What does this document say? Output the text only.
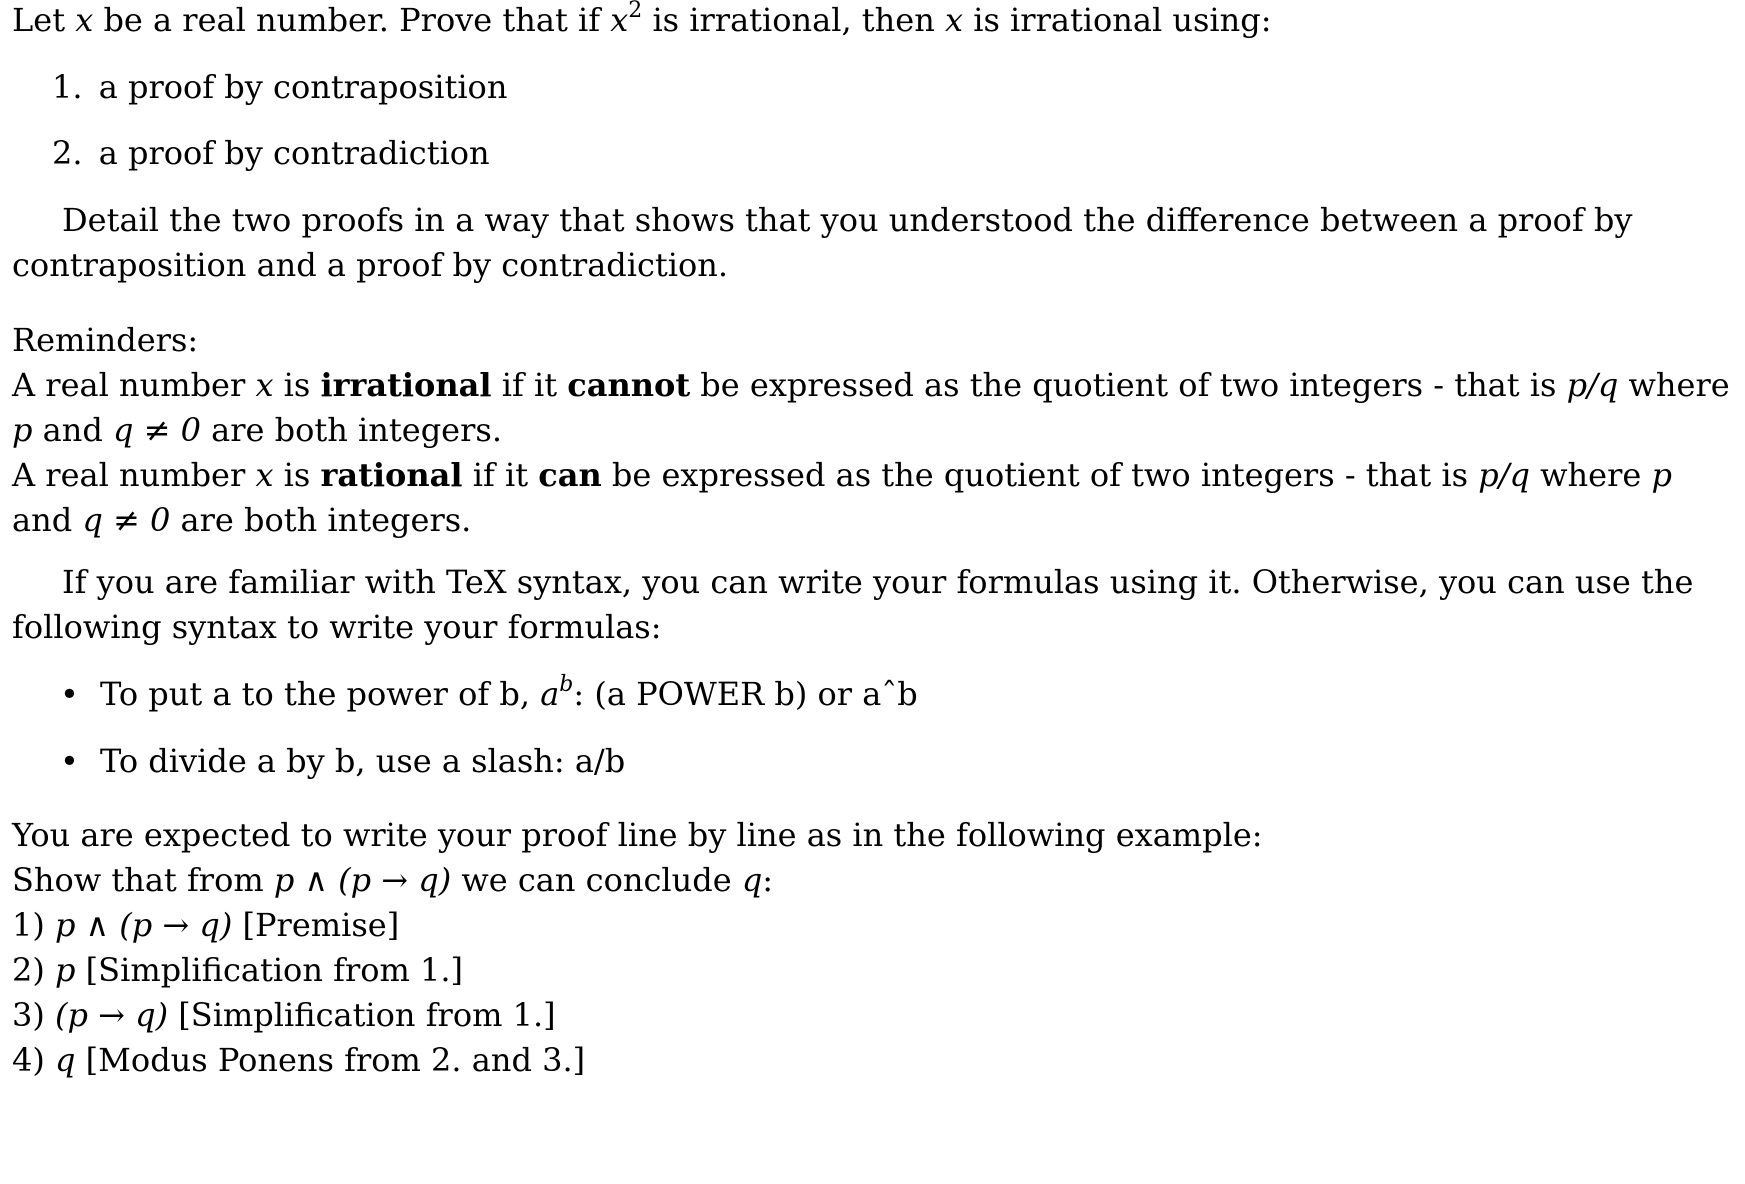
Let x be a real number. Prove that if $x^2$ is irrational, then x is irrational using:
1. a proof by contraposition
2. a proof by contradiction
Detail the two proofs in a way that shows that you understood the difference between a proof by
contraposition and a proof by contradiction.
Reminders:
A real number x is irrational if it cannot be expressed as the quotient of two integers - that is p/q where
p and q ≠ 0 are both integers.
A real number x is rational if it can be expressed as the quotient of two integers - that is p/q where p
and q ≠ 0 are both integers.
If you are familiar with TeX syntax, you can write your formulas using it. Otherwise, you can use the
following syntax to write your formulas:
• To put a to the power of b, $a^b$: (a POWER b) or aˆb
• To divide a by b, use a slash: a/b
You are expected to write your proof line by line as in the following example:
Show that from p ∧ (p → q) we can conclude q:
1) p ∧ (p → q) [Premise]
2) p [Simplification from 1.]
3) (p → q) [Simplification from 1.]
4) q [Modus Ponens from 2. and 3.]
